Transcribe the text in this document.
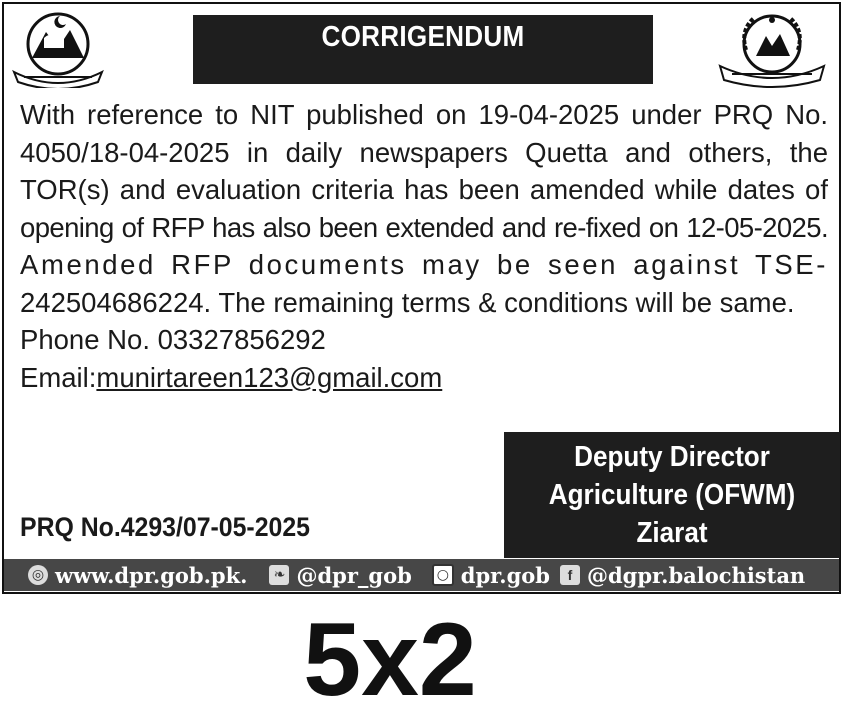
CORRIGENDUM
With reference to NIT published on 19-04-2025 under PRQ No.
4050/18-04-2025 in daily newspapers Quetta and others, the
TOR(s) and evaluation criteria has been amended while dates of
opening of RFP has also been extended and re-fixed on 12-05-2025.
Amended RFP documents may be seen against TSE-
242504686224. The remaining terms & conditions will be same.
Phone No. 03327856292
Email:munirtareen123@gmail.com
PRQ No.4293/07-05-2025
Deputy Director
Agriculture (OFWM)
Ziarat
◎ www.dpr.gob.pk. ❧ @dpr_gob	○ dpr.gob	f @dgpr.balochistan
5x2
